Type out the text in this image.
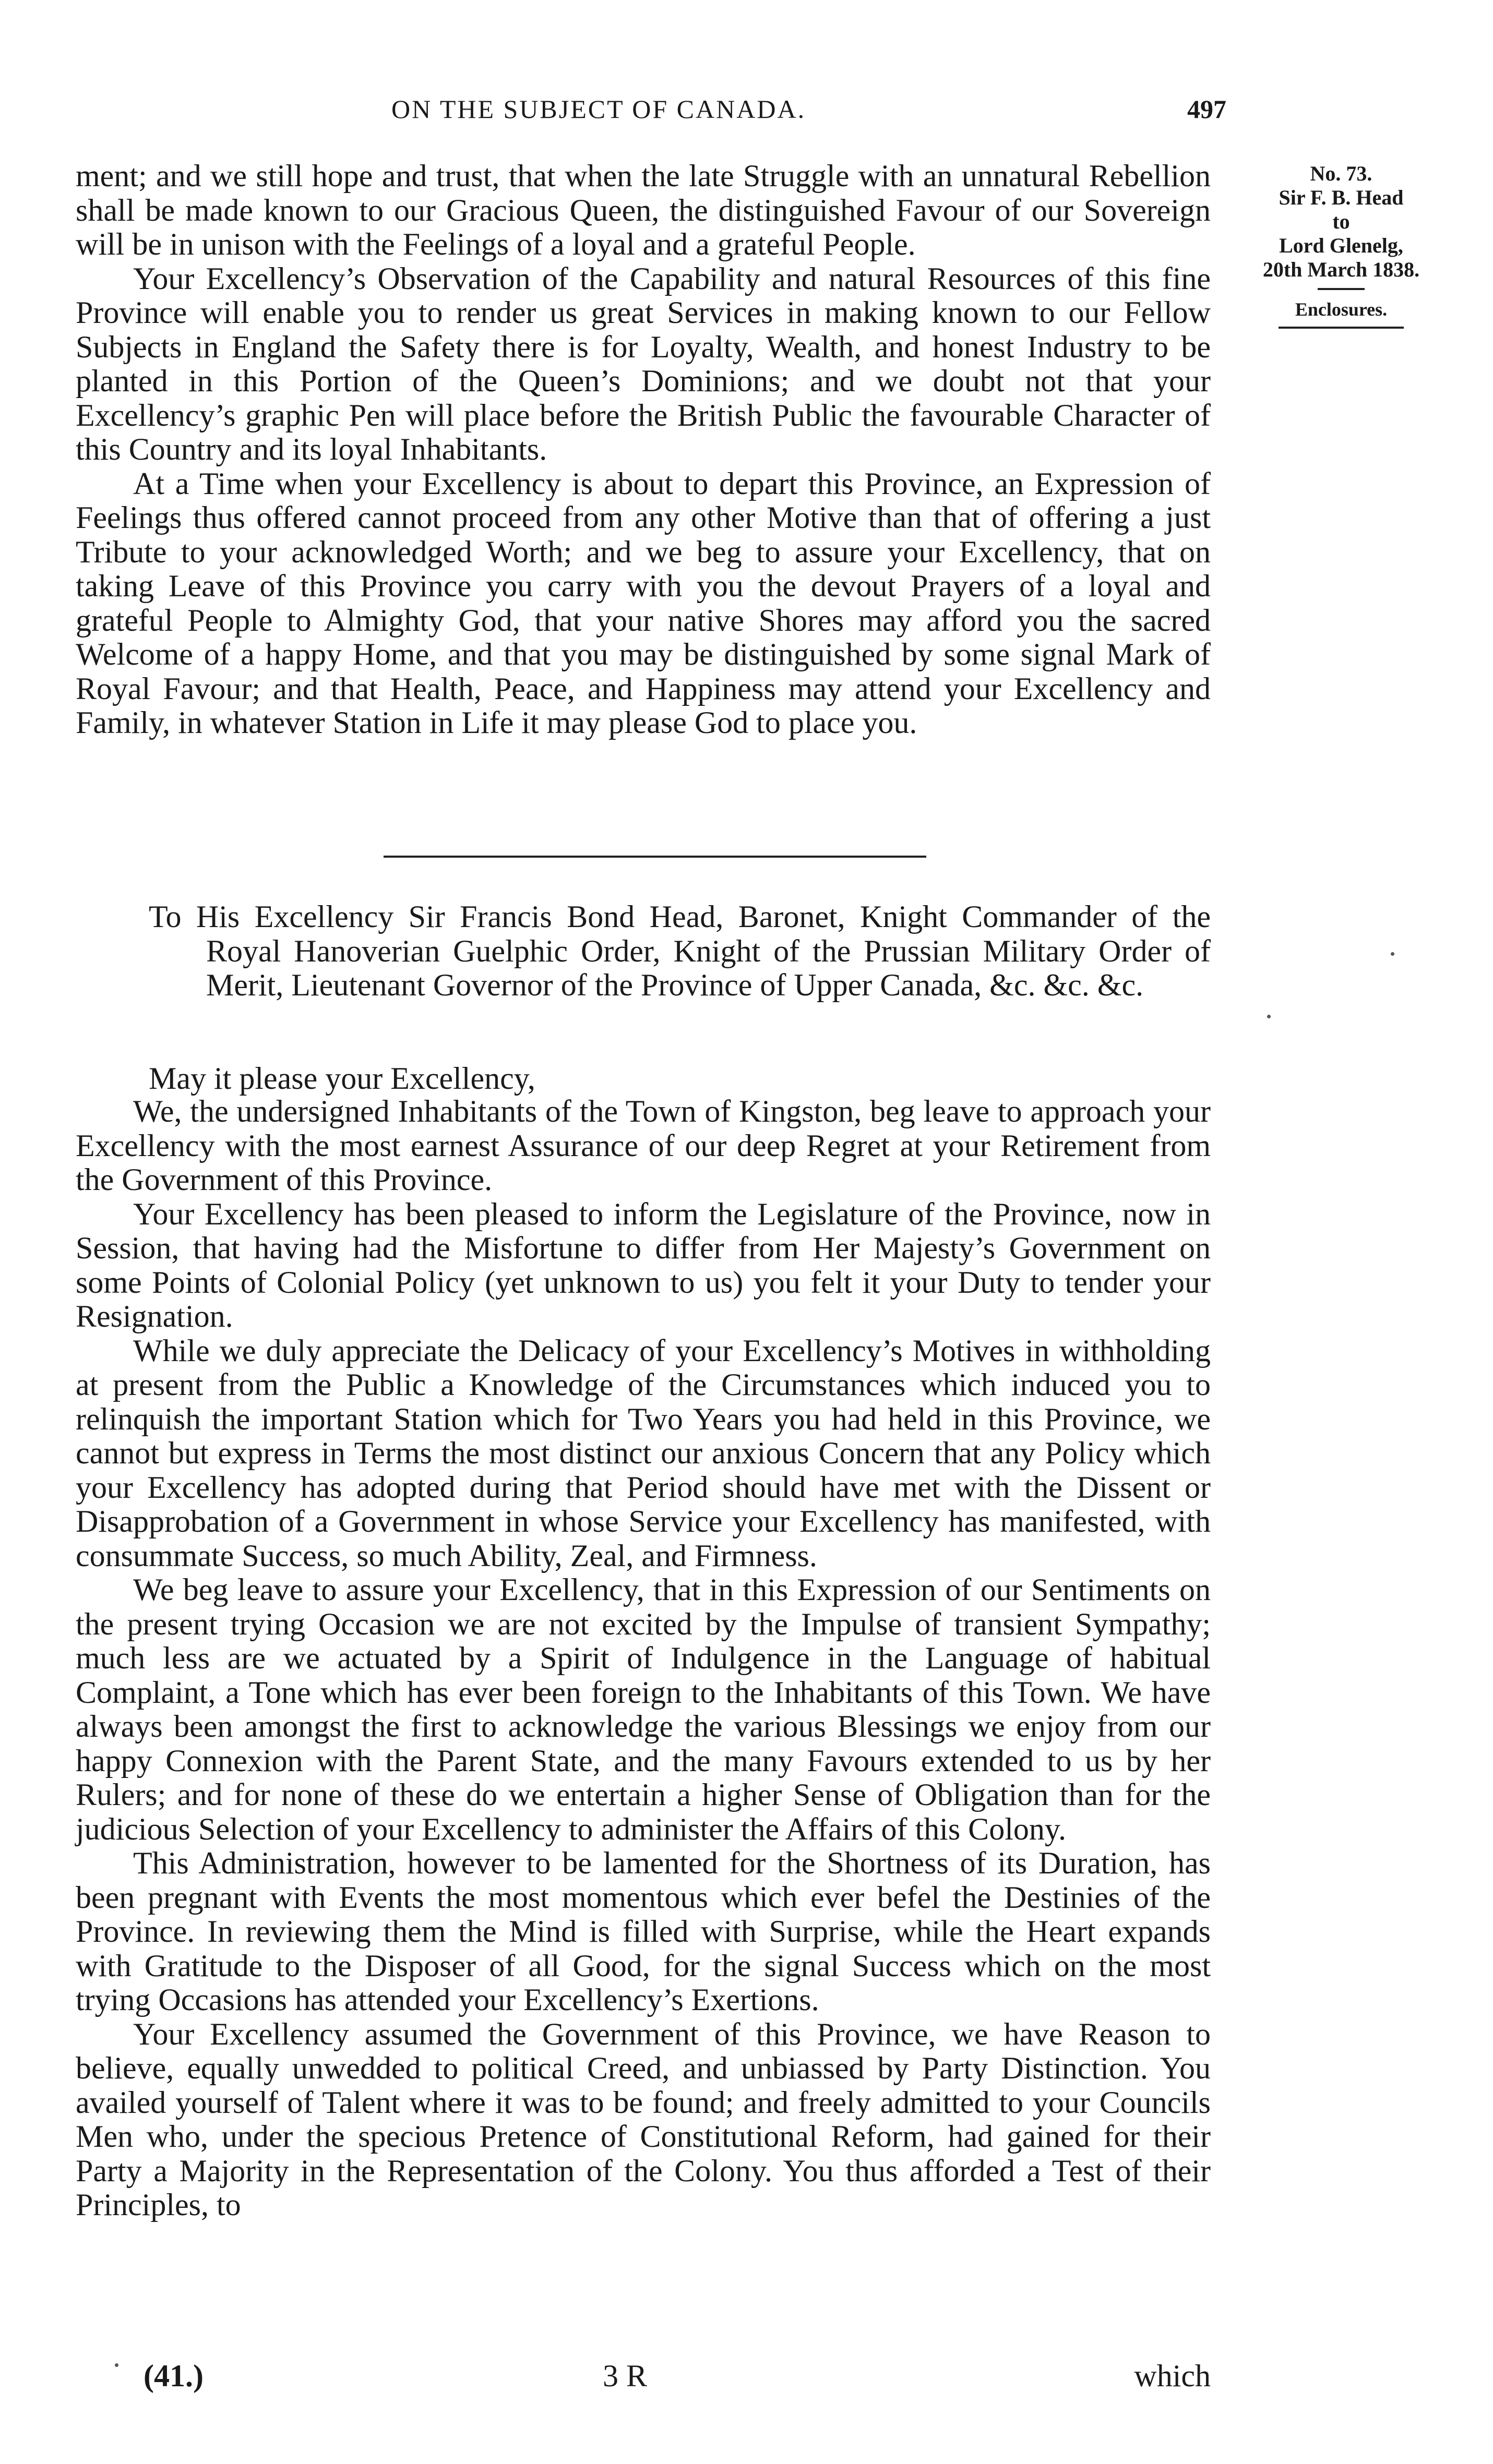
ON THE SUBJECT OF CANADA.	497
No. 73.
Sir F. B. Head
to
Lord Glenelg,
20th March 1838.
Enclosures.

ment; and we still hope and trust, that when the late Struggle with an unnatural Rebellion shall be made known to our Gracious Queen, the distinguished Favour of our Sovereign will be in unison with the Feelings of a loyal and a grateful People.

Your Excellency’s Observation of the Capability and natural Resources of this fine Province will enable you to render us great Services in making known to our Fellow Subjects in England the Safety there is for Loyalty, Wealth, and honest Industry to be planted in this Portion of the Queen’s Dominions; and we doubt not that your Excellency’s graphic Pen will place before the British Public the favourable Character of this Country and its loyal Inhabitants.

At a Time when your Excellency is about to depart this Province, an Expression of Feelings thus offered cannot proceed from any other Motive than that of offering a just Tribute to your acknowledged Worth; and we beg to assure your Excellency, that on taking Leave of this Province you carry with you the devout Prayers of a loyal and grateful People to Almighty God, that your native Shores may afford you the sacred Welcome of a happy Home, and that you may be distinguished by some signal Mark of Royal Favour; and that Health, Peace, and Happiness may attend your Excellency and Family, in whatever Station in Life it may please God to place you.

To His Excellency Sir Francis Bond Head, Baronet, Knight Commander of the Royal Hanoverian Guelphic Order, Knight of the Prussian Military Order of Merit, Lieutenant Governor of the Province of Upper Canada, &c. &c. &c.

May it please your Excellency,

We, the undersigned Inhabitants of the Town of Kingston, beg leave to approach your Excellency with the most earnest Assurance of our deep Regret at your Retirement from the Government of this Province.

Your Excellency has been pleased to inform the Legislature of the Province, now in Session, that having had the Misfortune to differ from Her Majesty’s Government on some Points of Colonial Policy (yet unknown to us) you felt it your Duty to tender your Resignation.

While we duly appreciate the Delicacy of your Excellency’s Motives in withholding at present from the Public a Knowledge of the Circumstances which induced you to relinquish the important Station which for Two Years you had held in this Province, we cannot but express in Terms the most distinct our anxious Concern that any Policy which your Excellency has adopted during that Period should have met with the Dissent or Disapprobation of a Government in whose Service your Excellency has manifested, with consummate Success, so much Ability, Zeal, and Firmness.

We beg leave to assure your Excellency, that in this Expression of our Sentiments on the present trying Occasion we are not excited by the Impulse of transient Sympathy; much less are we actuated by a Spirit of Indulgence in the Language of habitual Complaint, a Tone which has ever been foreign to the Inhabitants of this Town. We have always been amongst the first to acknowledge the various Blessings we enjoy from our happy Connexion with the Parent State, and the many Favours extended to us by her Rulers; and for none of these do we entertain a higher Sense of Obligation than for the judicious Selection of your Excellency to administer the Affairs of this Colony.

This Administration, however to be lamented for the Shortness of its Duration, has been pregnant with Events the most momentous which ever befel the Destinies of the Province. In reviewing them the Mind is filled with Surprise, while the Heart expands with Gratitude to the Disposer of all Good, for the signal Success which on the most trying Occasions has attended your Excellency’s Exertions.

Your Excellency assumed the Government of this Province, we have Reason to believe, equally unwedded to political Creed, and unbiassed by Party Distinction. You availed yourself of Talent where it was to be found; and freely admitted to your Councils Men who, under the specious Pretence of Constitutional Reform, had gained for their Party a Majority in the Representation of the Colony. You thus afforded a Test of their Principles, to

(41.)	3 R	which
